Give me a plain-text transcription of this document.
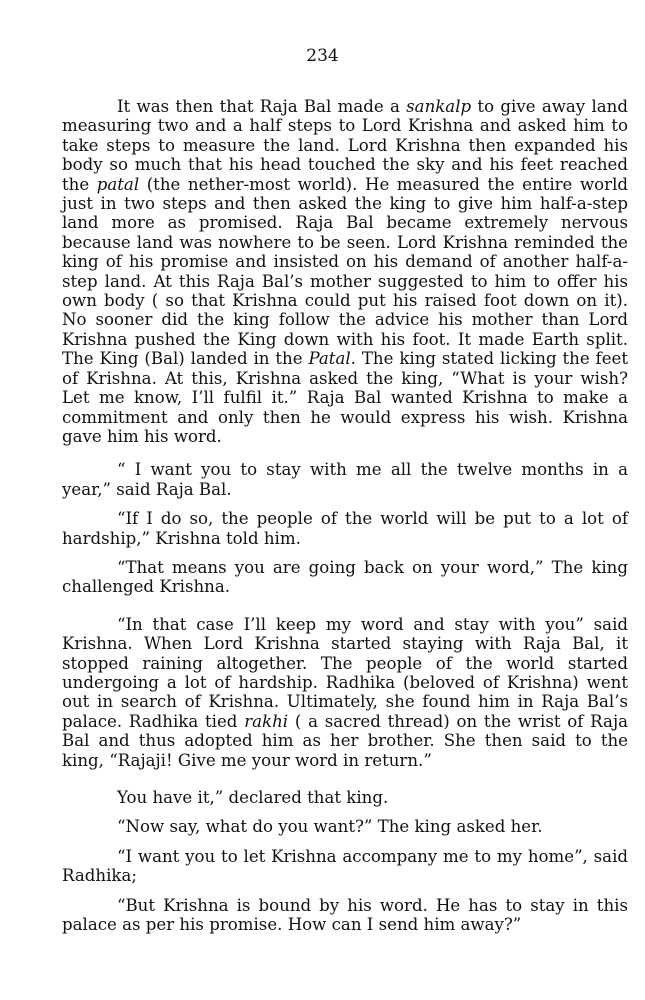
234

It was then that Raja Bal made a sankalp to give away land measuring two and a half steps to Lord Krishna and asked him to take steps to measure the land. Lord Krishna then expanded his body so much that his head touched the sky and his feet reached the patal (the nether-most world). He measured the entire world just in two steps and then asked the king to give him half-a-step land more as promised. Raja Bal became extremely nervous because land was nowhere to be seen. Lord Krishna reminded the king of his promise and insisted on his demand of another half-a-step land. At this Raja Bal’s mother suggested to him to offer his own body ( so that Krishna could put his raised foot down on it). No sooner did the king follow the advice his mother than Lord Krishna pushed the King down with his foot. It made Earth split. The King (Bal) landed in the Patal. The king stated licking the feet of Krishna. At this, Krishna asked the king, “What is your wish? Let me know, I’ll fulfil it.” Raja Bal wanted Krishna to make a commitment and only then he would express his wish. Krishna gave him his word.

“ I want you to stay with me all the twelve months in a year,” said Raja Bal.

“If I do so, the people of the world will be put to a lot of hardship,” Krishna told him.

“That means you are going back on your word,” The king challenged Krishna.

“In that case I’ll keep my word and stay with you” said Krishna. When Lord Krishna started staying with Raja Bal, it stopped raining altogether. The people of the world started undergoing a lot of hardship. Radhika (beloved of Krishna) went out in search of Krishna. Ultimately, she found him in Raja Bal’s palace. Radhika tied rakhi ( a sacred thread) on the wrist of Raja Bal and thus adopted him as her brother. She then said to the king, “Rajaji! Give me your word in return.”

You have it,” declared that king.

“Now say, what do you want?” The king asked her.

“I want you to let Krishna accompany me to my home”, said Radhika;

“But Krishna is bound by his word. He has to stay in this palace as per his promise. How can I send him away?”
